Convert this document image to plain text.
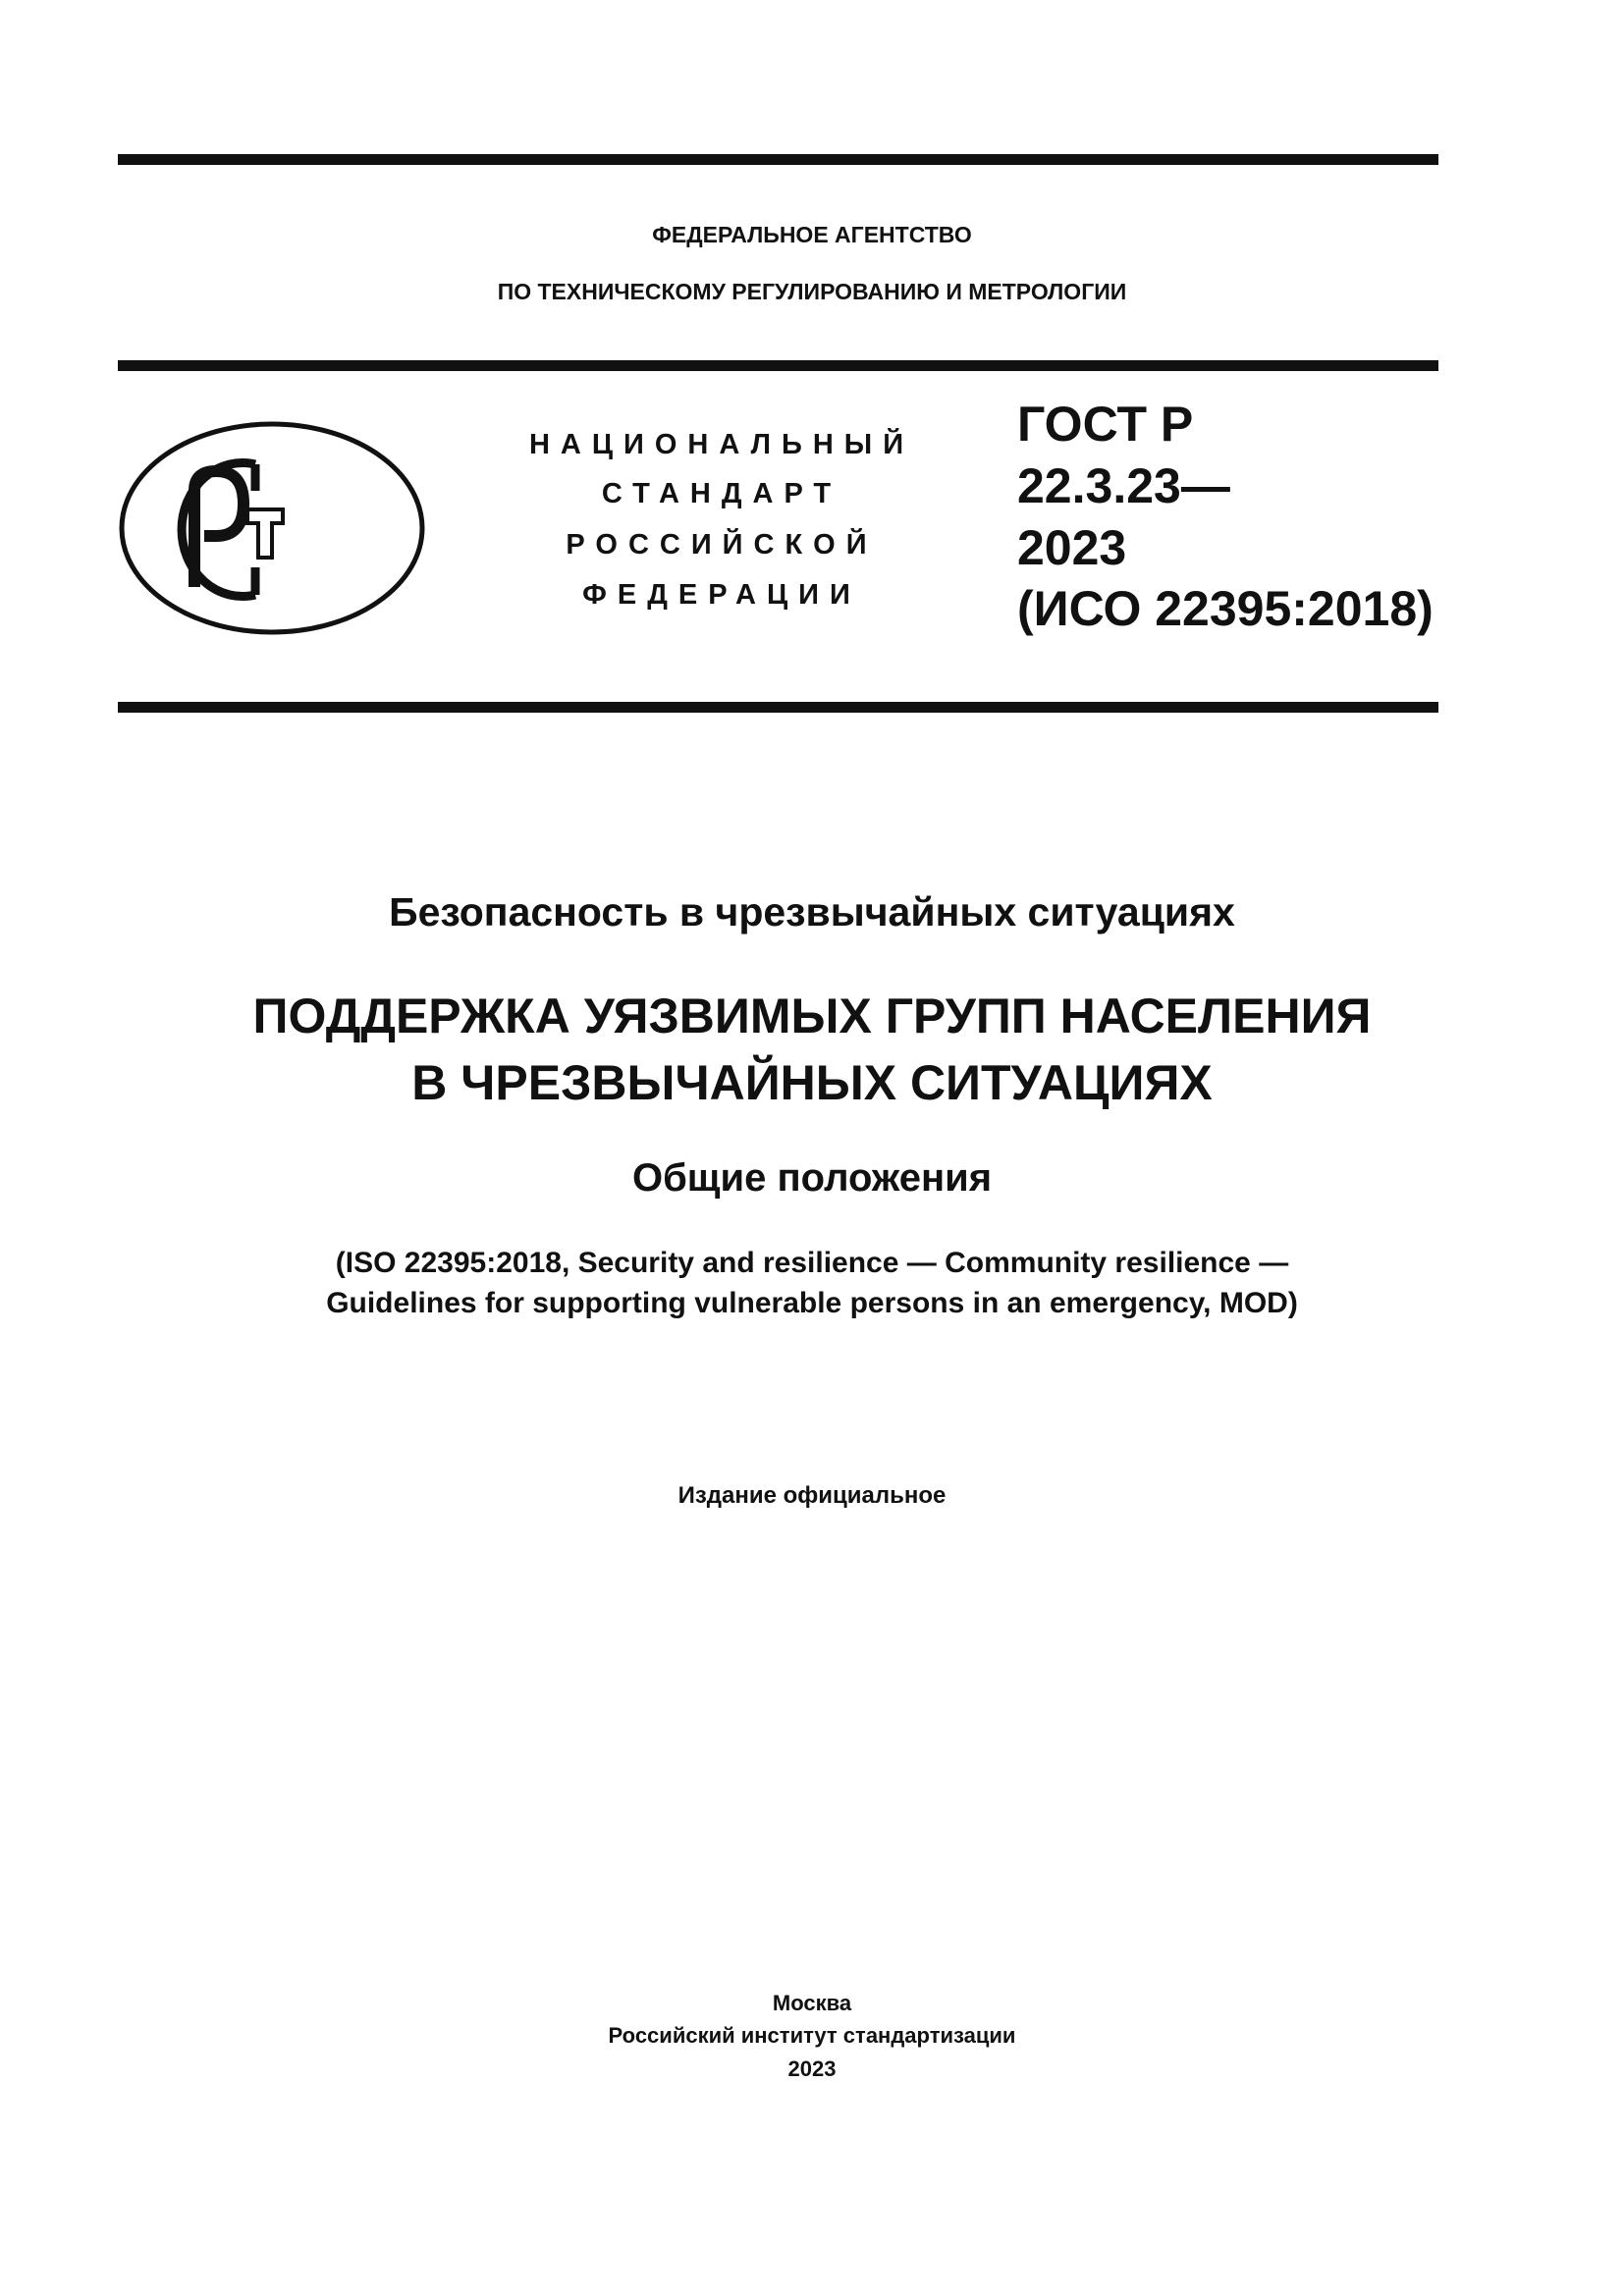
ФЕДЕРАЛЬНОЕ АГЕНТСТВО
ПО ТЕХНИЧЕСКОМУ РЕГУЛИРОВАНИЮ И МЕТРОЛОГИИ
НАЦИОНАЛЬНЫЙ
СТАНДАРТ
РОССИЙСКОЙ
ФЕДЕРАЦИИ
ГОСТ Р
22.3.23—
2023
(ИСО 22395:2018)
Безопасность в чрезвычайных ситуациях
ПОДДЕРЖКА УЯЗВИМЫХ ГРУПП НАСЕЛЕНИЯ
В ЧРЕЗВЫЧАЙНЫХ СИТУАЦИЯХ
Общие положения
(ISO 22395:2018, Security and resilience — Community resilience —
Guidelines for supporting vulnerable persons in an emergency, MOD)
Издание официальное
Москва
Российский институт стандартизации
2023
